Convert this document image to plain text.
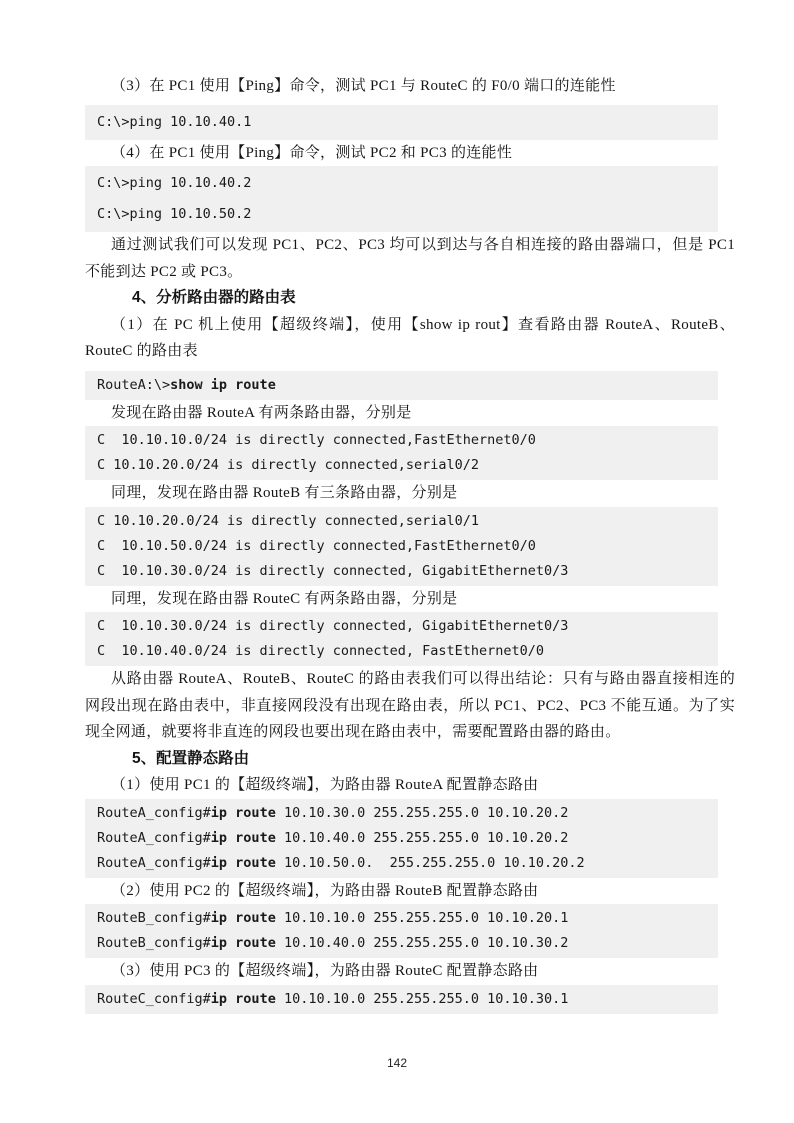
（3）在 PC1 使用【Ping】命令，测试 PC1 与 RouteC 的 F0/0 端口的连能性
C:\>ping 10.10.40.1
（4）在 PC1 使用【Ping】命令，测试 PC2 和 PC3 的连能性
C:\>ping 10.10.40.2
C:\>ping 10.10.50.2
通过测试我们可以发现 PC1、PC2、PC3 均可以到达与各自相连接的路由器端口，但是 PC1 不能到达 PC2 或 PC3。
4、分析路由器的路由表
（1）在 PC 机上使用【超级终端】，使用【show ip rout】查看路由器 RouteA、RouteB、RouteC 的路由表
RouteA:\>show ip route
发现在路由器 RouteA 有两条路由器，分别是
C  10.10.10.0/24 is directly connected,FastEthernet0/0
C 10.10.20.0/24 is directly connected,serial0/2
同理，发现在路由器 RouteB 有三条路由器，分别是
C 10.10.20.0/24 is directly connected,serial0/1
C  10.10.50.0/24 is directly connected,FastEthernet0/0
C  10.10.30.0/24 is directly connected, GigabitEthernet0/3
同理，发现在路由器 RouteC 有两条路由器，分别是
C  10.10.30.0/24 is directly connected, GigabitEthernet0/3
C  10.10.40.0/24 is directly connected, FastEthernet0/0
从路由器 RouteA、RouteB、RouteC 的路由表我们可以得出结论：只有与路由器直接相连的网段出现在路由表中，非直接网段没有出现在路由表，所以 PC1、PC2、PC3 不能互通。为了实现全网通，就要将非直连的网段也要出现在路由表中，需要配置路由器的路由。
5、配置静态路由
（1）使用 PC1 的【超级终端】，为路由器 RouteA 配置静态路由
RouteA_config#ip route 10.10.30.0 255.255.255.0 10.10.20.2
RouteA_config#ip route 10.10.40.0 255.255.255.0 10.10.20.2
RouteA_config#ip route 10.10.50.0.  255.255.255.0 10.10.20.2
（2）使用 PC2 的【超级终端】，为路由器 RouteB 配置静态路由
RouteB_config#ip route 10.10.10.0 255.255.255.0 10.10.20.1
RouteB_config#ip route 10.10.40.0 255.255.255.0 10.10.30.2
（3）使用 PC3 的【超级终端】，为路由器 RouteC 配置静态路由
RouteC_config#ip route 10.10.10.0 255.255.255.0 10.10.30.1
142
